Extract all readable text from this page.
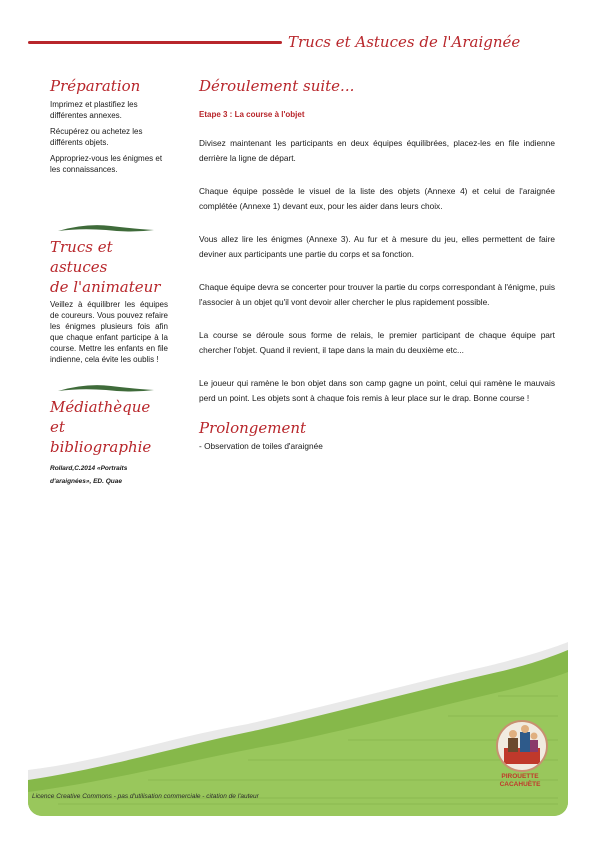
Trucs et Astuces de l'Araignée
Préparation

Imprimez et plastifiez les différentes annexes.

Récupérez ou achetez les différents objets.

Appropriez-vous les énigmes et les connaissances.

Trucs et astuces
de l'animateur

Veillez à équilibrer les équipes de coureurs. Vous pouvez refaire les énigmes plusieurs fois afin que chaque enfant participe à la course. Mettre les enfants en file indienne, cela évite les oublis !

Médiathèque et
bibliographie
Rollard,C.2014 «Portraits
d'araignées», ED. Quae
Déroulement suite...

Etape 3 : La course à l'objet

Divisez maintenant les participants en deux équipes équilibrées, placez-les en file indienne derrière la ligne de départ.

Chaque équipe possède le visuel de la liste des objets (Annexe 4) et celui de l'araignée complétée (Annexe 1) devant eux, pour les aider dans leurs choix.

Vous allez lire les énigmes (Annexe 3). Au fur et à mesure du jeu, elles permettent de faire deviner aux participants une partie du corps et sa fonction.

Chaque équipe devra se concerter pour trouver la partie du corps correspondant à l'énigme, puis l'associer à un objet qu'il vont devoir aller chercher le plus rapidement possible.

La course se déroule sous forme de relais, le premier participant de chaque équipe part chercher l'objet. Quand il revient, il tape dans la main du deuxième etc...

Le joueur qui ramène le bon objet dans son camp gagne un point, celui qui ramène le mauvais perd un point. Les objets sont à chaque fois remis à leur place sur le drap. Bonne course !

Prolongement

- Observation de toiles d'araignée

PIROUETTE
CACAHUÈTE
Licence Creative Commons - pas d'utilisation commerciale - citation de l'auteur
